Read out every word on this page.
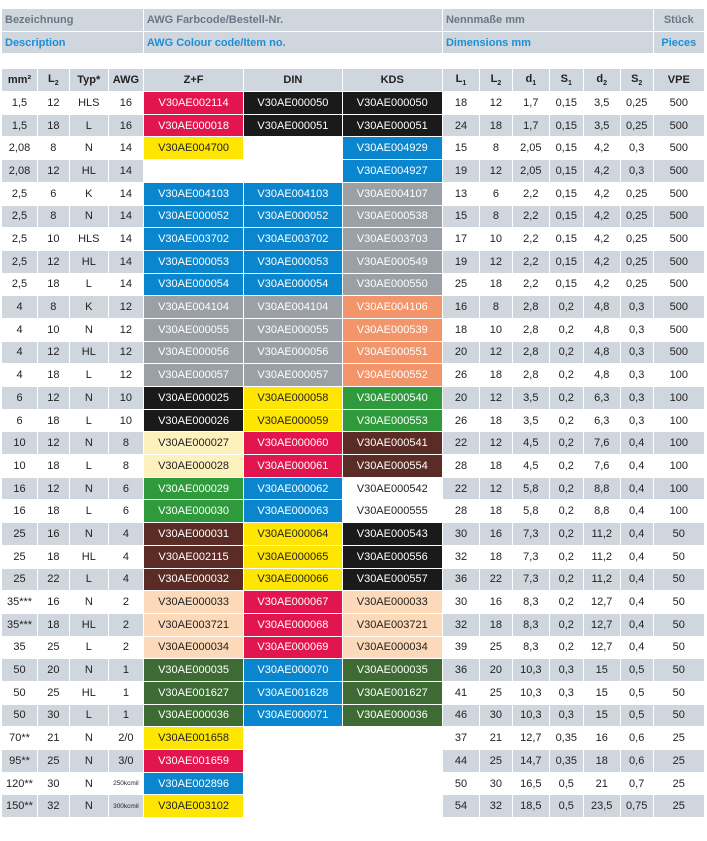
Bezeichnung				AWG Farbcode/Bestell-Nr.			Nennmaße mm						Stück
Description				AWG Colour code/Item no.			Dimensions mm						Pieces

mm²	$L_2$	Typ*	AWG	Z+F	DIN	KDS	$L_1$	$L_2$	$d_1$	$S_1$	$d_2$	$S_2$	VPE
1,5	12	HLS	16	V30AE002114	V30AE000050	V30AE000050	18	12	1,7	0,15	3,5	0,25	500
1,5	18	L	16	V30AE000018	V30AE000051	V30AE000051	24	18	1,7	0,15	3,5	0,25	500
2,08	8	N	14	V30AE004700		V30AE004929	15	8	2,05	0,15	4,2	0,3	500
2,08	12	HL	14			V30AE004927	19	12	2,05	0,15	4,2	0,3	500
2,5	6	K	14	V30AE004103	V30AE004103	V30AE004107	13	6	2,2	0,15	4,2	0,25	500
2,5	8	N	14	V30AE000052	V30AE000052	V30AE000538	15	8	2,2	0,15	4,2	0,25	500
2,5	10	HLS	14	V30AE003702	V30AE003702	V30AE003703	17	10	2,2	0,15	4,2	0,25	500
2,5	12	HL	14	V30AE000053	V30AE000053	V30AE000549	19	12	2,2	0,15	4,2	0,25	500
2,5	18	L	14	V30AE000054	V30AE000054	V30AE000550	25	18	2,2	0,15	4,2	0,25	500
4	8	K	12	V30AE004104	V30AE004104	V30AE004106	16	8	2,8	0,2	4,8	0,3	500
4	10	N	12	V30AE000055	V30AE000055	V30AE000539	18	10	2,8	0,2	4,8	0,3	500
4	12	HL	12	V30AE000056	V30AE000056	V30AE000551	20	12	2,8	0,2	4,8	0,3	500
4	18	L	12	V30AE000057	V30AE000057	V30AE000552	26	18	2,8	0,2	4,8	0,3	100
6	12	N	10	V30AE000025	V30AE000058	V30AE000540	20	12	3,5	0,2	6,3	0,3	100
6	18	L	10	V30AE000026	V30AE000059	V30AE000553	26	18	3,5	0,2	6,3	0,3	100
10	12	N	8	V30AE000027	V30AE000060	V30AE000541	22	12	4,5	0,2	7,6	0,4	100
10	18	L	8	V30AE000028	V30AE000061	V30AE000554	28	18	4,5	0,2	7,6	0,4	100
16	12	N	6	V30AE000029	V30AE000062	V30AE000542	22	12	5,8	0,2	8,8	0,4	100
16	18	L	6	V30AE000030	V30AE000063	V30AE000555	28	18	5,8	0,2	8,8	0,4	100
25	16	N	4	V30AE000031	V30AE000064	V30AE000543	30	16	7,3	0,2	11,2	0,4	50
25	18	HL	4	V30AE002115	V30AE000065	V30AE000556	32	18	7,3	0,2	11,2	0,4	50
25	22	L	4	V30AE000032	V30AE000066	V30AE000557	36	22	7,3	0,2	11,2	0,4	50
35***	16	N	2	V30AE000033	V30AE000067	V30AE000033	30	16	8,3	0,2	12,7	0,4	50
35***	18	HL	2	V30AE003721	V30AE000068	V30AE003721	32	18	8,3	0,2	12,7	0,4	50
35	25	L	2	V30AE000034	V30AE000069	V30AE000034	39	25	8,3	0,2	12,7	0,4	50
50	20	N	1	V30AE000035	V30AE000070	V30AE000035	36	20	10,3	0,3	15	0,5	50
50	25	HL	1	V30AE001627	V30AE001628	V30AE001627	41	25	10,3	0,3	15	0,5	50
50	30	L	1	V30AE000036	V30AE000071	V30AE000036	46	30	10,3	0,3	15	0,5	50
70**	21	N	2/0	V30AE001658			37	21	12,7	0,35	16	0,6	25
95**	25	N	3/0	V30AE001659			44	25	14,7	0,35	18	0,6	25
120**	30	N	250kcmil	V30AE002896			50	30	16,5	0,5	21	0,7	25
150**	32	N	300kcmil	V30AE003102			54	32	18,5	0,5	23,5	0,75	25
